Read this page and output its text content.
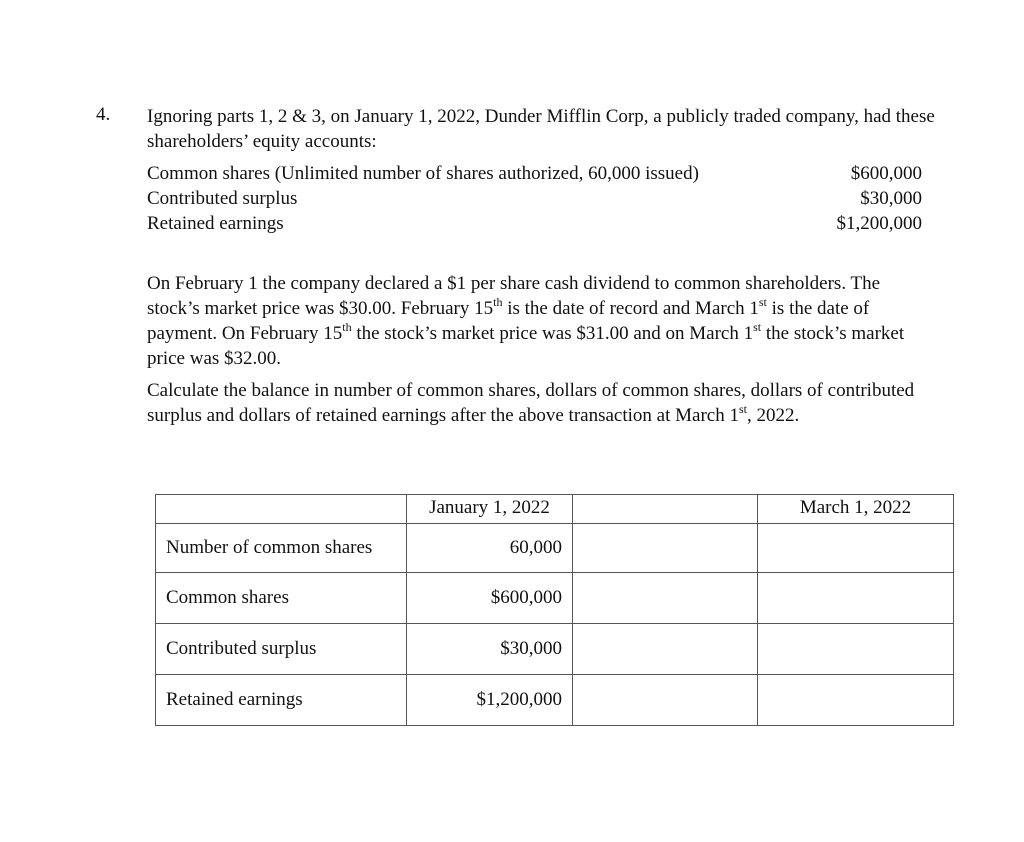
4. Ignoring parts 1, 2 & 3, on January 1, 2022, Dunder Mifflin Corp, a publicly traded company, had these shareholders’ equity accounts:
Common shares (Unlimited number of shares authorized, 60,000 issued)	$600,000
Contributed surplus	$30,000
Retained earnings	$1,200,000
On February 1 the company declared a $1 per share cash dividend to common shareholders. The stock’s market price was $30.00. February 15th is the date of record and March 1st is the date of payment. On February 15th the stock’s market price was $31.00 and on March 1st the stock’s market price was $32.00.
Calculate the balance in number of common shares, dollars of common shares, dollars of contributed surplus and dollars of retained earnings after the above transaction at March 1st, 2022.
	January 1, 2022		March 1, 2022
Number of common shares	60,000		
Common shares	$600,000		
Contributed surplus	$30,000		
Retained earnings	$1,200,000		
